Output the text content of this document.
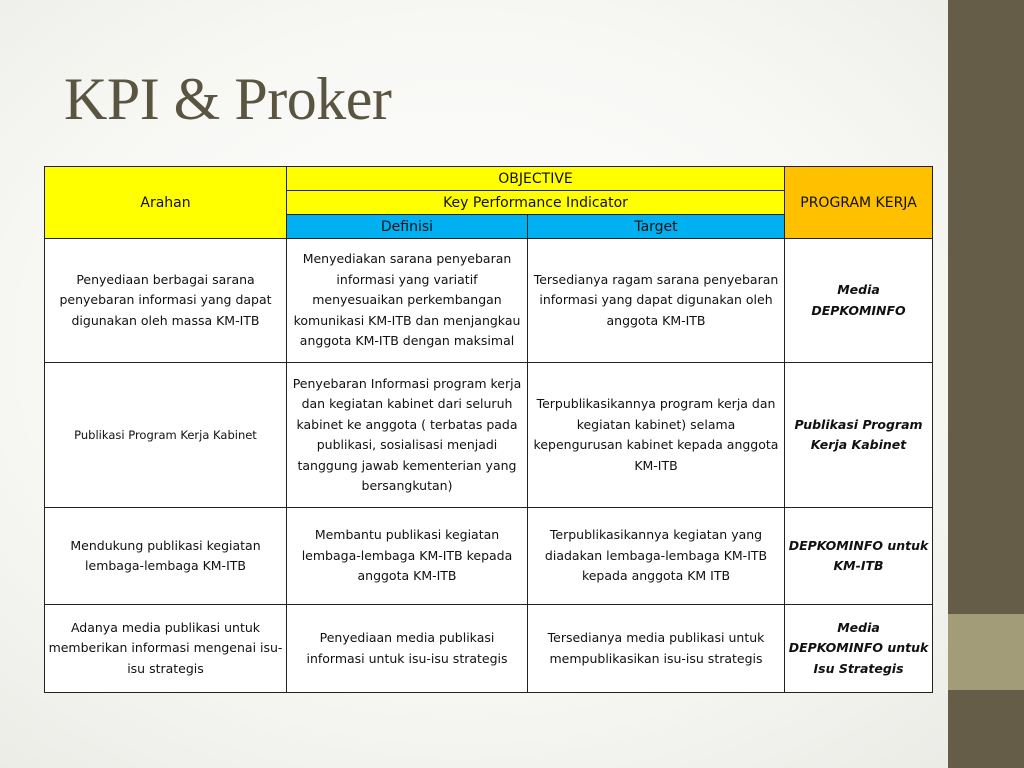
KPI & Proker
Arahan	OBJECTIVE		PROGRAM KERJA
	Key Performance Indicator		
	Definisi	Target	
Penyediaan berbagai sarana penyebaran informasi yang dapat digunakan oleh massa KM-ITB	Menyediakan sarana penyebaran informasi yang variatif menyesuaikan perkembangan komunikasi KM-ITB dan menjangkau anggota KM-ITB dengan maksimal	Tersedianya ragam sarana penyebaran informasi yang dapat digunakan oleh anggota KM-ITB	Media DEPKOMINFO
Publikasi Program Kerja Kabinet	Penyebaran Informasi program kerja dan kegiatan kabinet dari seluruh kabinet ke anggota ( terbatas pada publikasi, sosialisasi menjadi tanggung jawab kementerian yang bersangkutan)	Terpublikasikannya program kerja dan kegiatan kabinet) selama kepengurusan kabinet kepada anggota KM-ITB	Publikasi Program Kerja Kabinet
Mendukung publikasi kegiatan lembaga-lembaga KM-ITB	Membantu publikasi kegiatan lembaga-lembaga KM-ITB kepada anggota KM-ITB	Terpublikasikannya kegiatan yang diadakan lembaga-lembaga KM-ITB kepada anggota KM ITB	DEPKOMINFO untuk KM-ITB
Adanya media publikasi untuk memberikan informasi mengenai isu-isu strategis	Penyediaan media publikasi informasi untuk isu-isu strategis	Tersedianya media publikasi untuk mempublikasikan isu-isu strategis	Media DEPKOMINFO untuk Isu Strategis
